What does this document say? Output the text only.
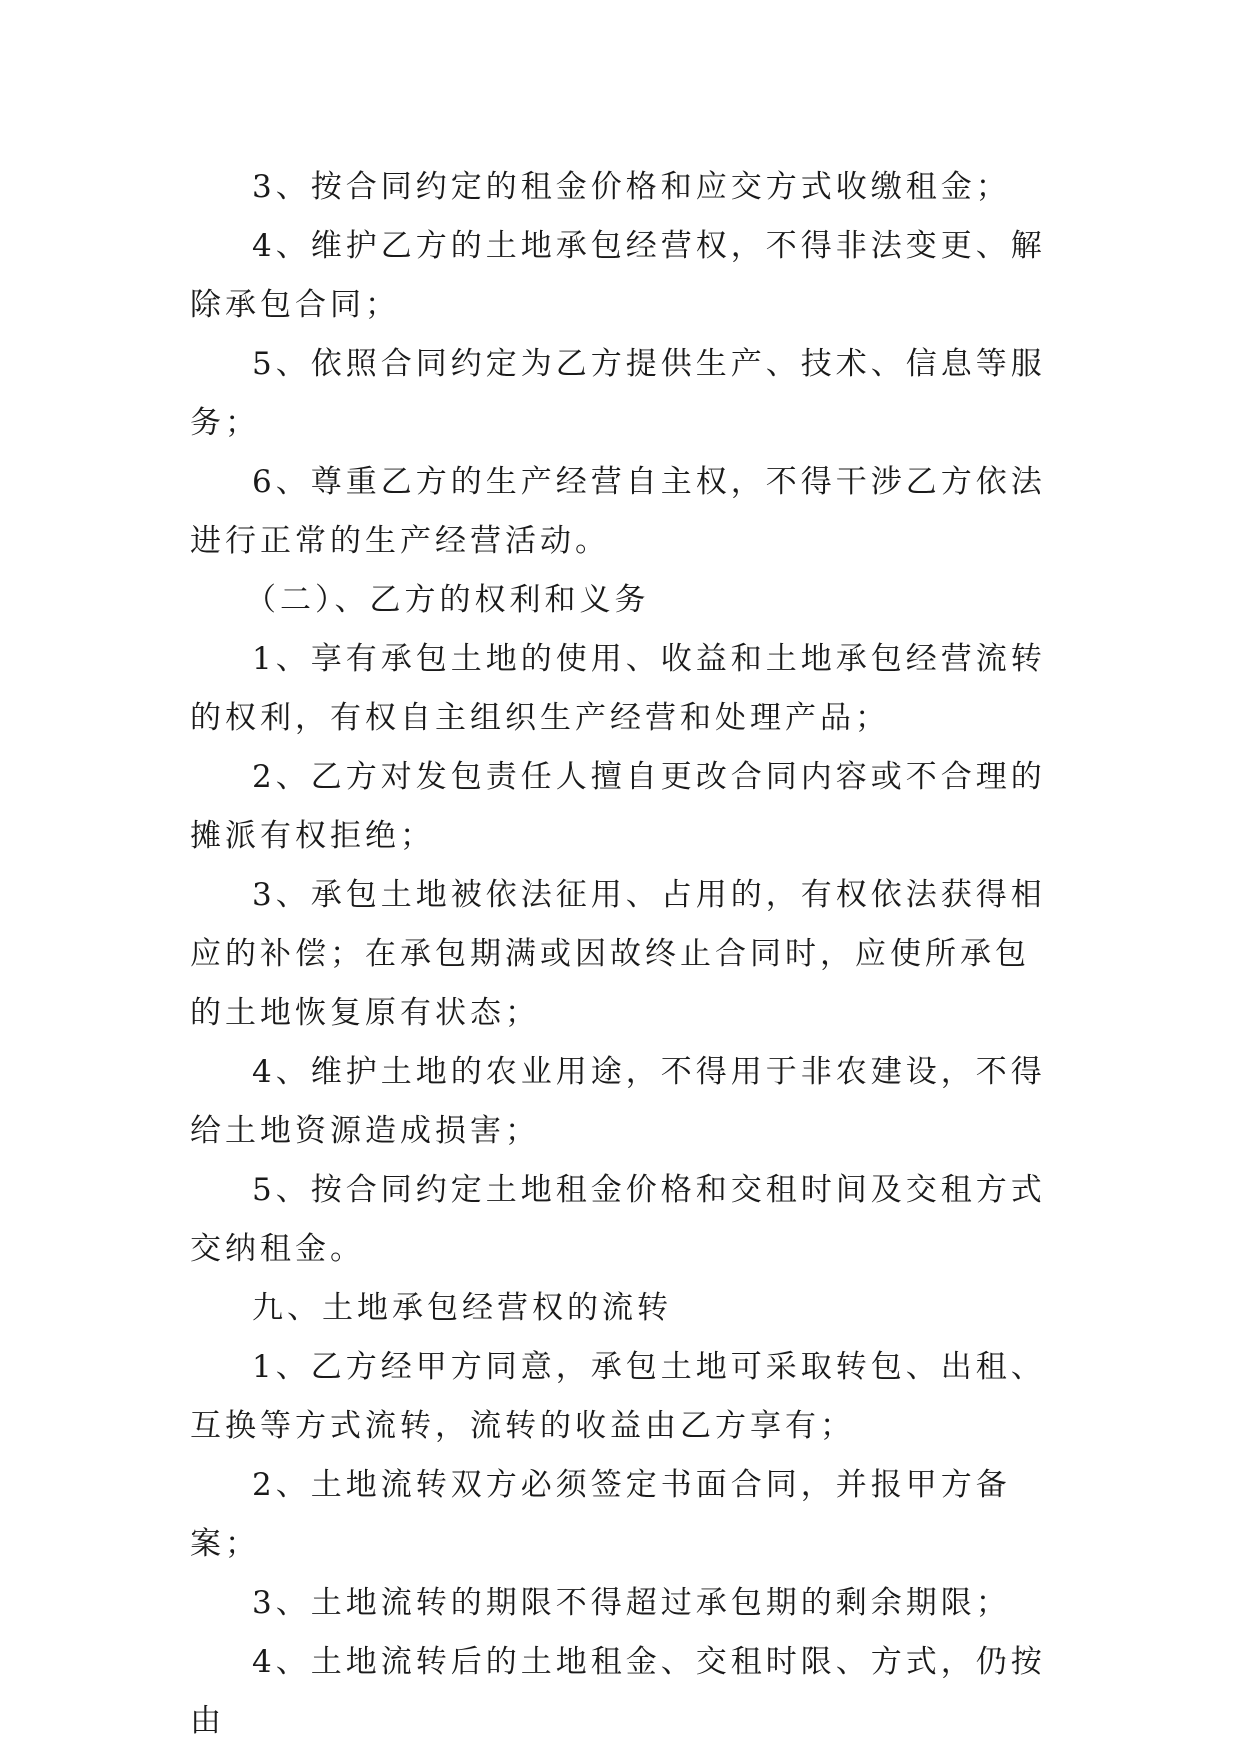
3、按合同约定的租金价格和应交方式收缴租金；

4、维护乙方的土地承包经营权，不得非法变更、解除承包合同；

5、依照合同约定为乙方提供生产、技术、信息等服务；

6、尊重乙方的生产经营自主权，不得干涉乙方依法进行正常的生产经营活动。

（二）、乙方的权利和义务

1、享有承包土地的使用、收益和土地承包经营流转的权利，有权自主组织生产经营和处理产品；

2、乙方对发包责任人擅自更改合同内容或不合理的摊派有权拒绝；

3、承包土地被依法征用、占用的，有权依法获得相应的补偿；在承包期满或因故终止合同时，应使所承包的土地恢复原有状态；

4、维护土地的农业用途，不得用于非农建设，不得给土地资源造成损害；

5、按合同约定土地租金价格和交租时间及交租方式交纳租金。

九、土地承包经营权的流转

1、乙方经甲方同意，承包土地可采取转包、出租、互换等方式流转，流转的收益由乙方享有；

2、土地流转双方必须签定书面合同，并报甲方备案；

3、土地流转的期限不得超过承包期的剩余期限；

4、土地流转后的土地租金、交租时限、方式，仍按由
